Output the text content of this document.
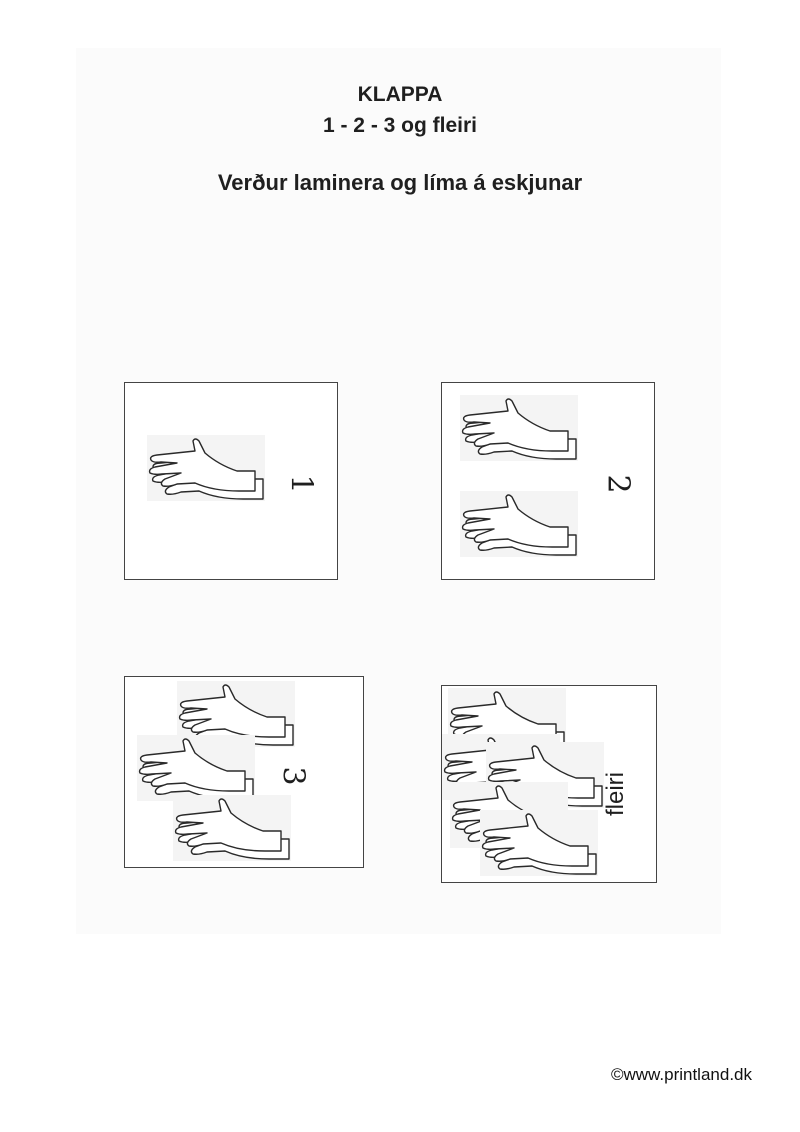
KLAPPA
1 - 2 - 3 og fleiri

Verður laminera og líma á eskjunar

1	2
3	fleiri
©www.printland.dk
